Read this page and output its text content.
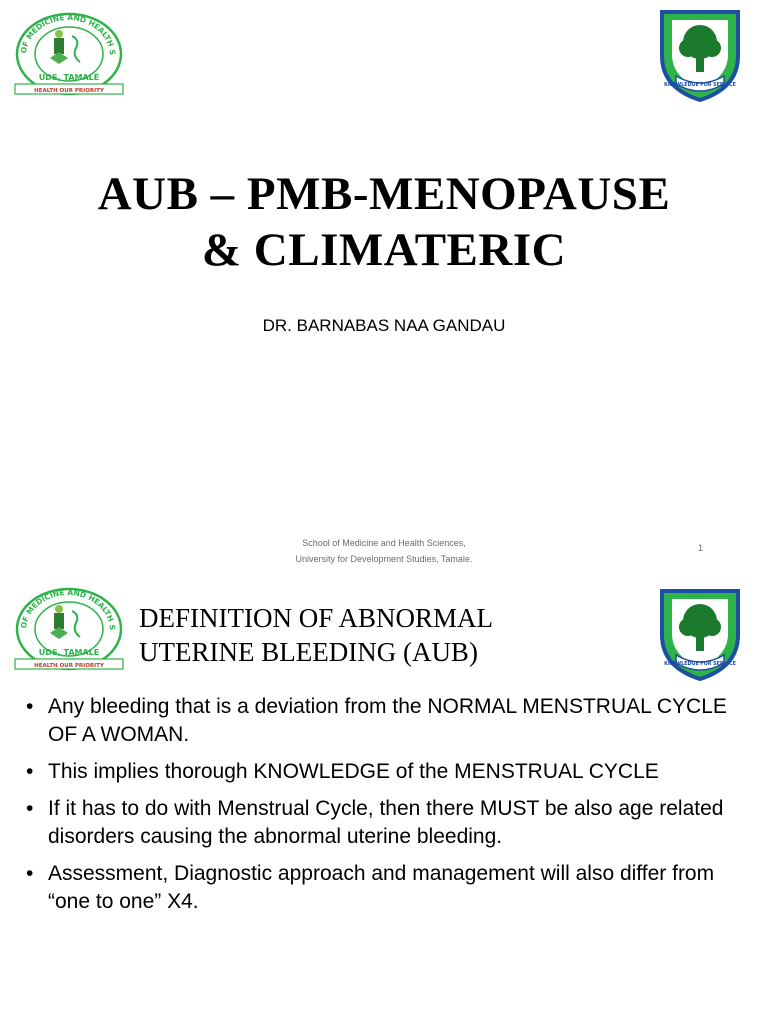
OF MEDICINE AND HEALTH S
UDS, TAMALE
HEALTH OUR PRIORITY
KNOWLEDGE FOR SERVICE
AUB – PMB-MENOPAUSE
& CLIMATERIC
DR. BARNABAS NAA GANDAU
School of Medicine and Health Sciences,
University for Development Studies, Tamale.
1
OF MEDICINE AND HEALTH S
UDS, TAMALE
HEALTH OUR PRIORITY	KNOWLEDGE FOR SERVICE
DEFINITION OF ABNORMAL
UTERINE BLEEDING (AUB)
• Any bleeding that is a deviation from the NORMAL MENSTRUAL CYCLE OF A WOMAN.
• This implies thorough KNOWLEDGE of the MENSTRUAL CYCLE
• If it has to do with Menstrual Cycle, then there MUST be also age related disorders causing the abnormal uterine bleeding.
• Assessment, Diagnostic approach and management will also differ from “one to one” X4.
